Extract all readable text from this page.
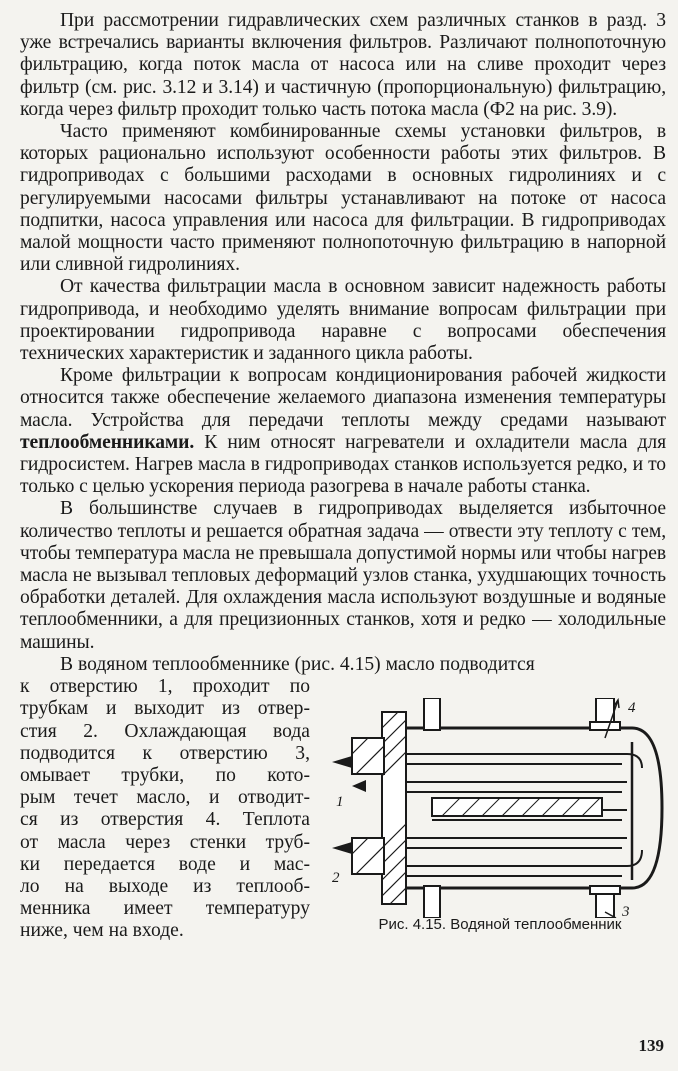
При рассмотрении гидравлических схем различных станков в разд. 3 уже встречались варианты включения фильтров. Различают полнопоточную фильтрацию, когда поток масла от насоса или на сливе проходит через фильтр (см. рис. 3.12 и 3.14) и частичную (пропорциональную) фильтрацию, когда через фильтр проходит только часть потока масла (Ф2 на рис. 3.9).

Часто применяют комбинированные схемы установки фильтров, в которых рационально используют особенности работы этих фильтров. В гидроприводах с большими расходами в основных гидролиниях и с регулируемыми насосами фильтры устанавливают на потоке от насоса подпитки, насоса управления или насоса для фильтрации. В гидроприводах малой мощности часто применяют полнопоточную фильтрацию в напорной или сливной гидролиниях.

От качества фильтрации масла в основном зависит надежность работы гидропривода, и необходимо уделять внимание вопросам фильтрации при проектировании гидропривода наравне с вопросами обеспечения технических характеристик и заданного цикла работы.

Кроме фильтрации к вопросам кондиционирования рабочей жидкости относится также обеспечение желаемого диапазона изменения температуры масла. Устройства для передачи теплоты между средами называют теплообменниками. К ним относят нагреватели и охладители масла для гидросистем. Нагрев масла в гидроприводах станков используется редко, и то только с целью ускорения периода разогрева в начале работы станка.

В большинстве случаев в гидроприводах выделяется избыточное количество теплоты и решается обратная задача — отвести эту теплоту с тем, чтобы температура масла не превышала допустимой нормы или чтобы нагрев масла не вызывал тепловых деформаций узлов станка, ухудшающих точность обработки деталей. Для охлаждения масла используют воздушные и водяные теплообменники, а для прецизионных станков, хотя и редко — холодильные машины.

В водяном теплообменнике (рис. 4.15) масло подводится

к отверстию 1, проходит по
трубкам и выходит из отвер-
стия 2. Охлаждающая вода
подводится к отверстию 3,
омывает трубки, по кото-
рым течет масло, и отводит-
ся из отверстия 4. Теплота
от масла через стенки труб-
ки передается воде и мас-
ло на выходе из теплооб-
менника имеет температуру
ниже, чем на входе.
1
2
3
4
Рис. 4.15. Водяной теплообменник
139
